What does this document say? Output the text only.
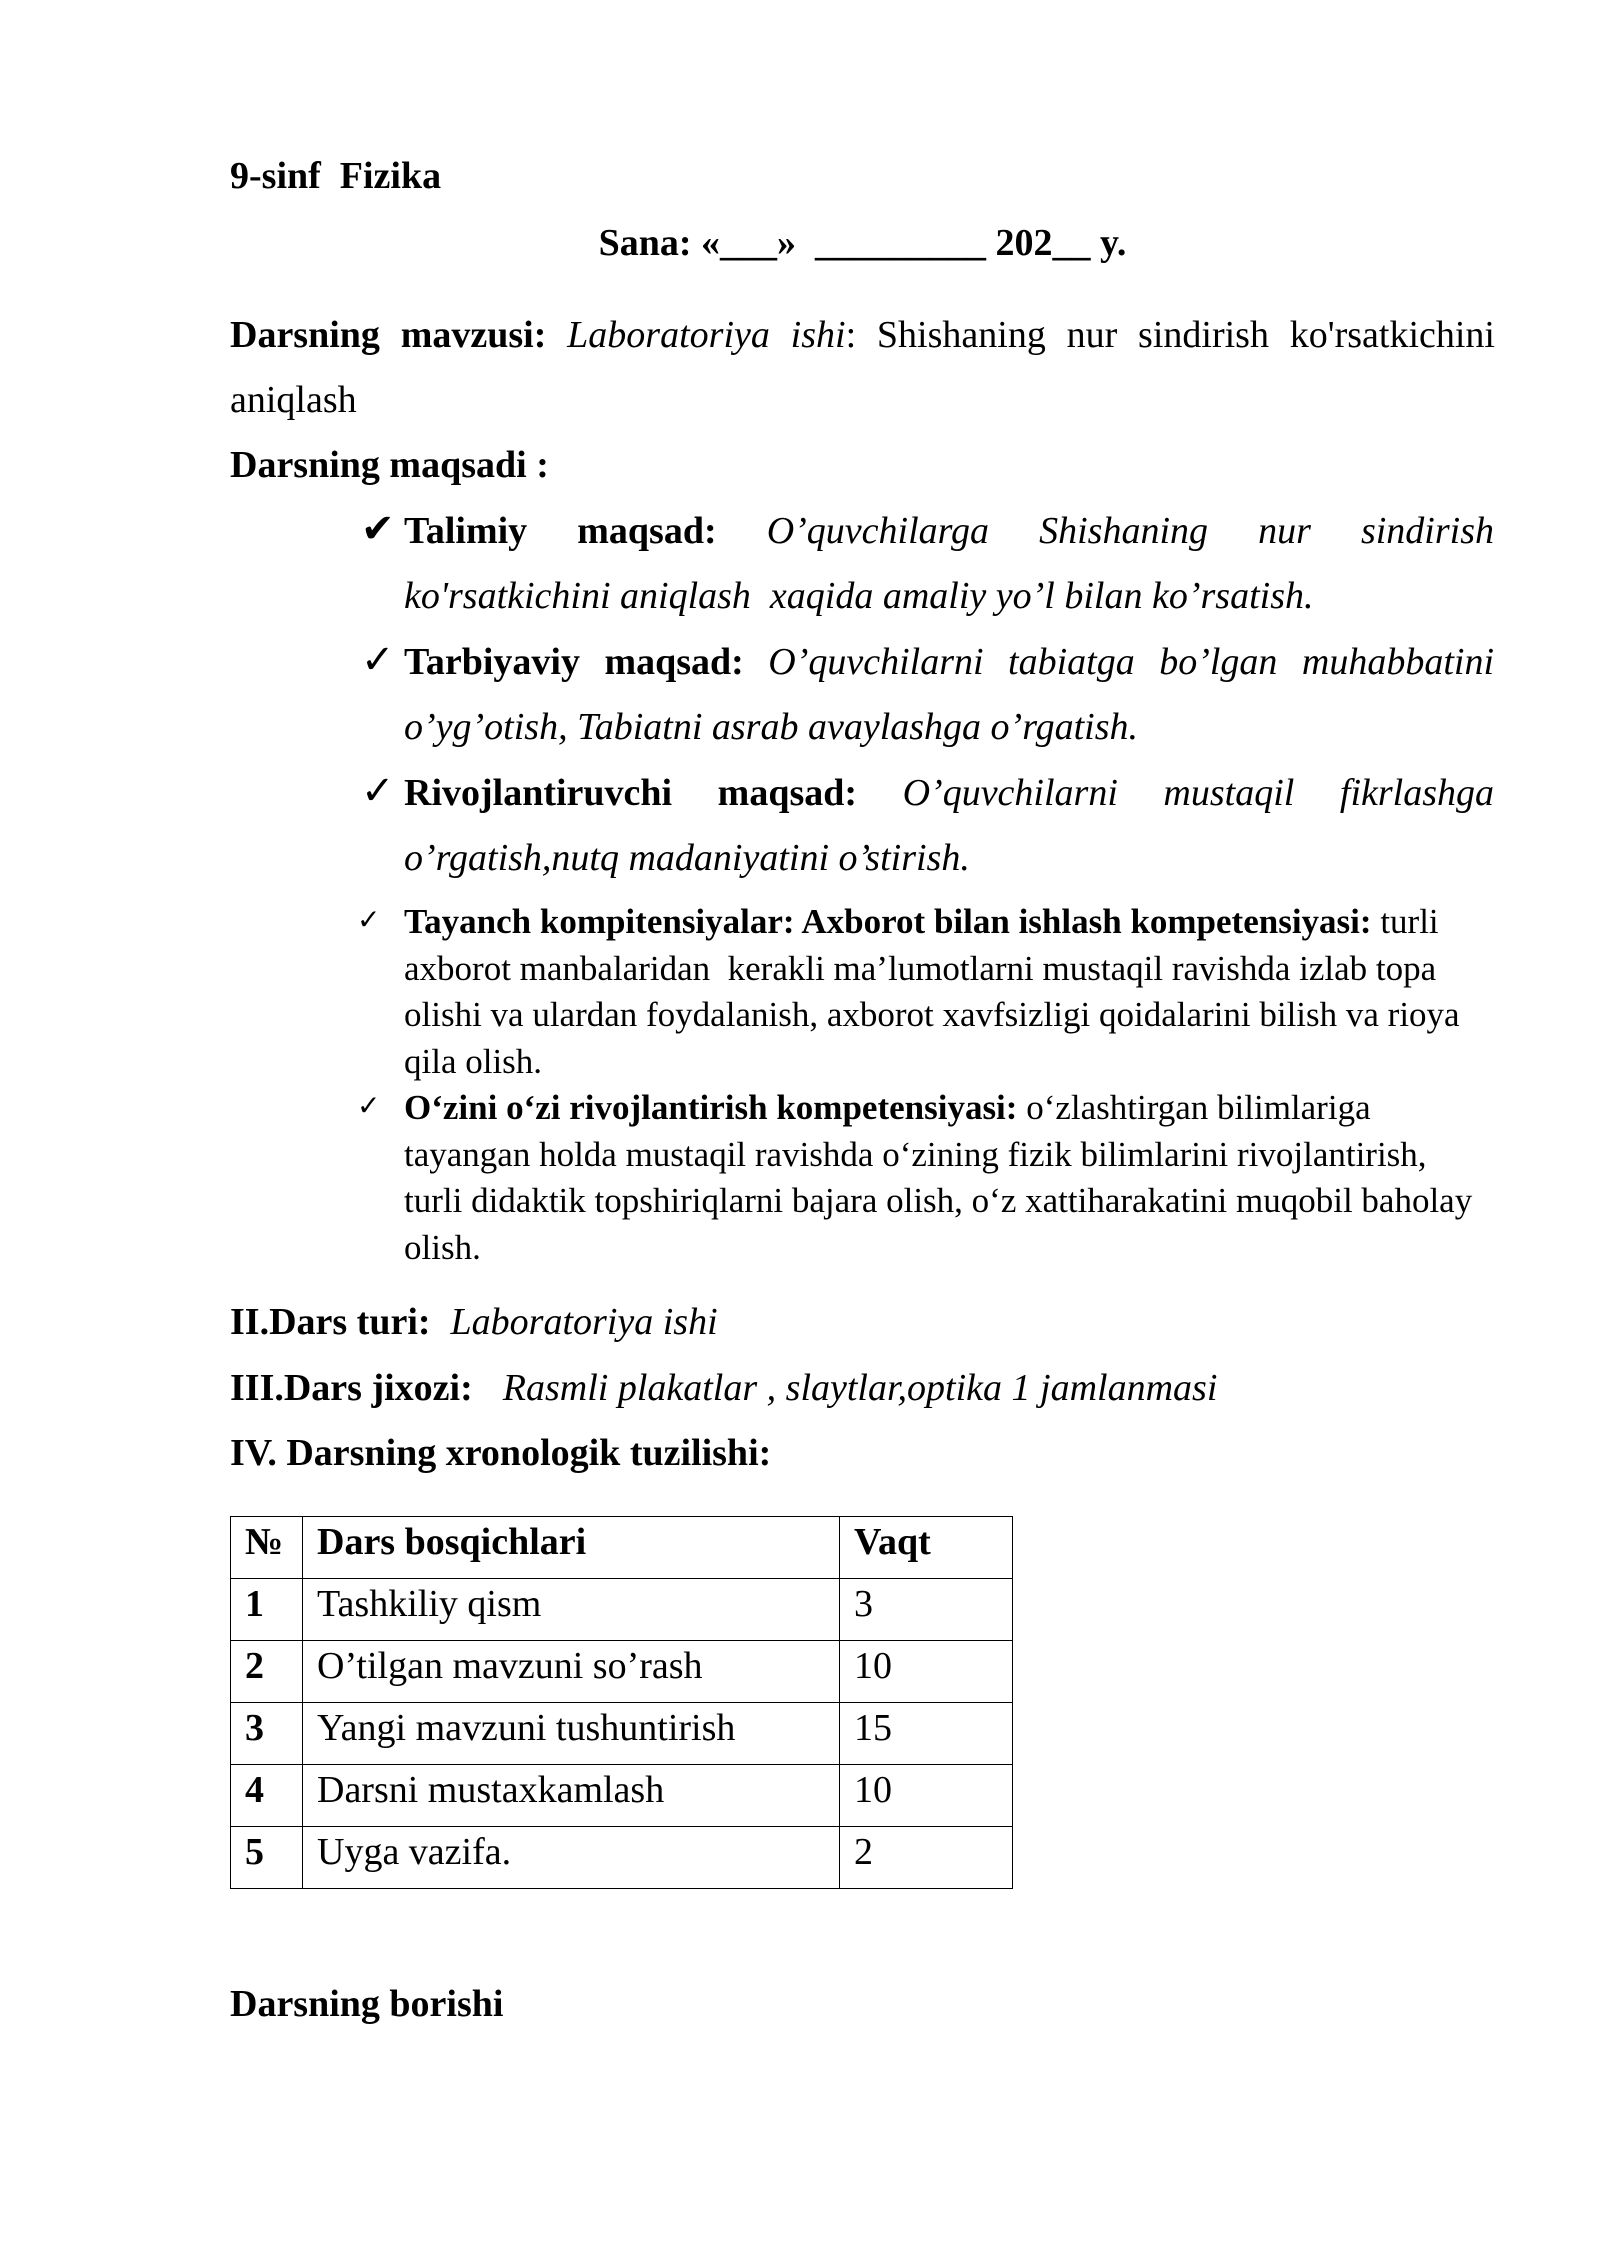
9-sinf  Fizika
Sana: «___»  _________ 202__ y.
Darsning mavzusi: Laboratoriya ishi: Shishaning nur sindirish ko'rsatkichini
aniqlash
Darsning maqsadi :
✔
Talimiy maqsad: O’quvchilarga Shishaning nur sindirish
ko'rsatkichini aniqlash  xaqida amaliy yo’l bilan ko’rsatish.
✓
Tarbiyaviy maqsad: O’quvchilarni tabiatga bo’lgan muhabbatini
o’yg’otish, Tabiatni asrab avaylashga o’rgatish.
✓
Rivojlantiruvchi maqsad: O’quvchilarni mustaqil fikrlashga
o’rgatish,nutq madaniyatini o’stirish.
✓
Tayanch kompitensiyalar: Axborot bilan ishlash kompetensiyasi: turli
axborot manbalaridan  kerakli ma’lumotlarni mustaqil ravishda izlab topa
olishi va ulardan foydalanish, axborot xavfsizligi qoidalarini bilish va rioya
qila olish.
✓
O‘zini o‘zi rivojlantirish kompetensiyasi: o‘zlashtirgan bilimlariga
tayangan holda mustaqil ravishda o‘zining fizik bilimlarini rivojlantirish,
turli didaktik topshiriqlarni bajara olish, o‘z xattiharakatini muqobil baholay
olish.
II.Dars turi: Laboratoriya ishi
III.Dars jixozi: Rasmli plakatlar , slaytlar,optika 1 jamlanmasi
IV. Darsning xronologik tuzilishi:
№	Dars bosqichlari	Vaqt
1	Tashkiliy qism	3
2	O’tilgan mavzuni so’rash	10
3	Yangi mavzuni tushuntirish	15
4	Darsni mustaxkamlash	10
5	Uyga vazifa.	2
Darsning borishi
